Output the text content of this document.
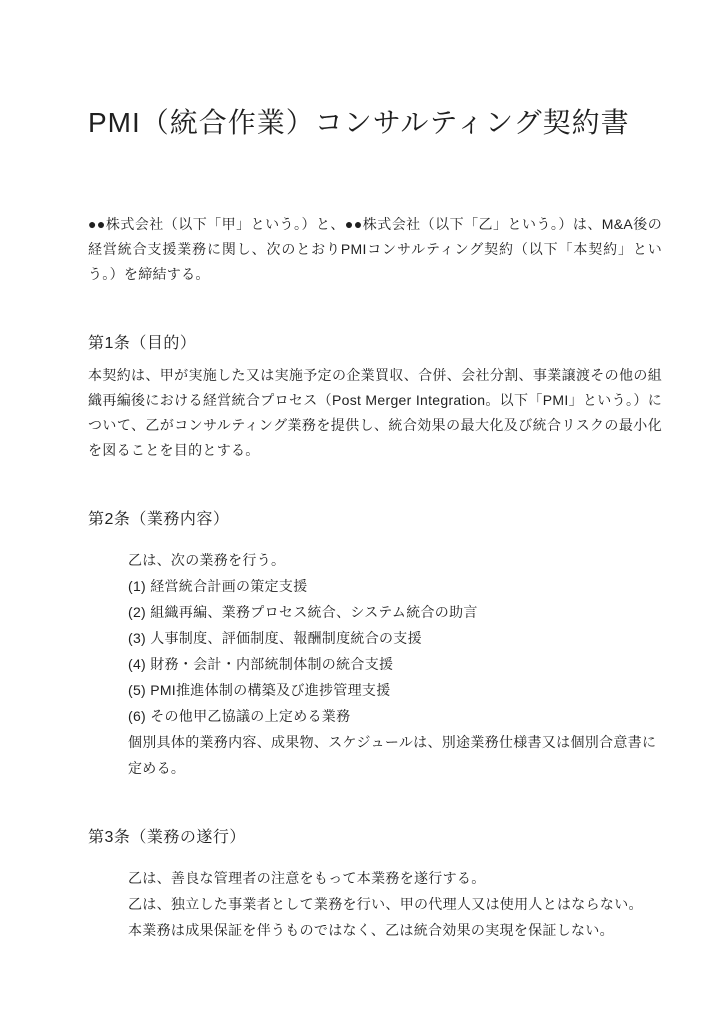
PMI（統合作業）コンサルティング契約書

●●株式会社（以下「甲」という。）と、●●株式会社（以下「乙」という。）は、M&A後の経営統合支援業務に関し、次のとおりPMIコンサルティング契約（以下「本契約」という。）を締結する。

第1条（目的）

本契約は、甲が実施した又は実施予定の企業買収、合併、会社分割、事業譲渡その他の組織再編後における経営統合プロセス（Post Merger Integration。以下「PMI」という。）について、乙がコンサルティング業務を提供し、統合効果の最大化及び統合リスクの最小化を図ることを目的とする。

第2条（業務内容）

乙は、次の業務を行う。

(1) 経営統合計画の策定支援

(2) 組織再編、業務プロセス統合、システム統合の助言

(3) 人事制度、評価制度、報酬制度統合の支援

(4) 財務・会計・内部統制体制の統合支援

(5) PMI推進体制の構築及び進捗管理支援

(6) その他甲乙協議の上定める業務

個別具体的業務内容、成果物、スケジュールは、別途業務仕様書又は個別合意書に定める。

第3条（業務の遂行）

乙は、善良な管理者の注意をもって本業務を遂行する。

乙は、独立した事業者として業務を行い、甲の代理人又は使用人とはならない。

本業務は成果保証を伴うものではなく、乙は統合効果の実現を保証しない。
